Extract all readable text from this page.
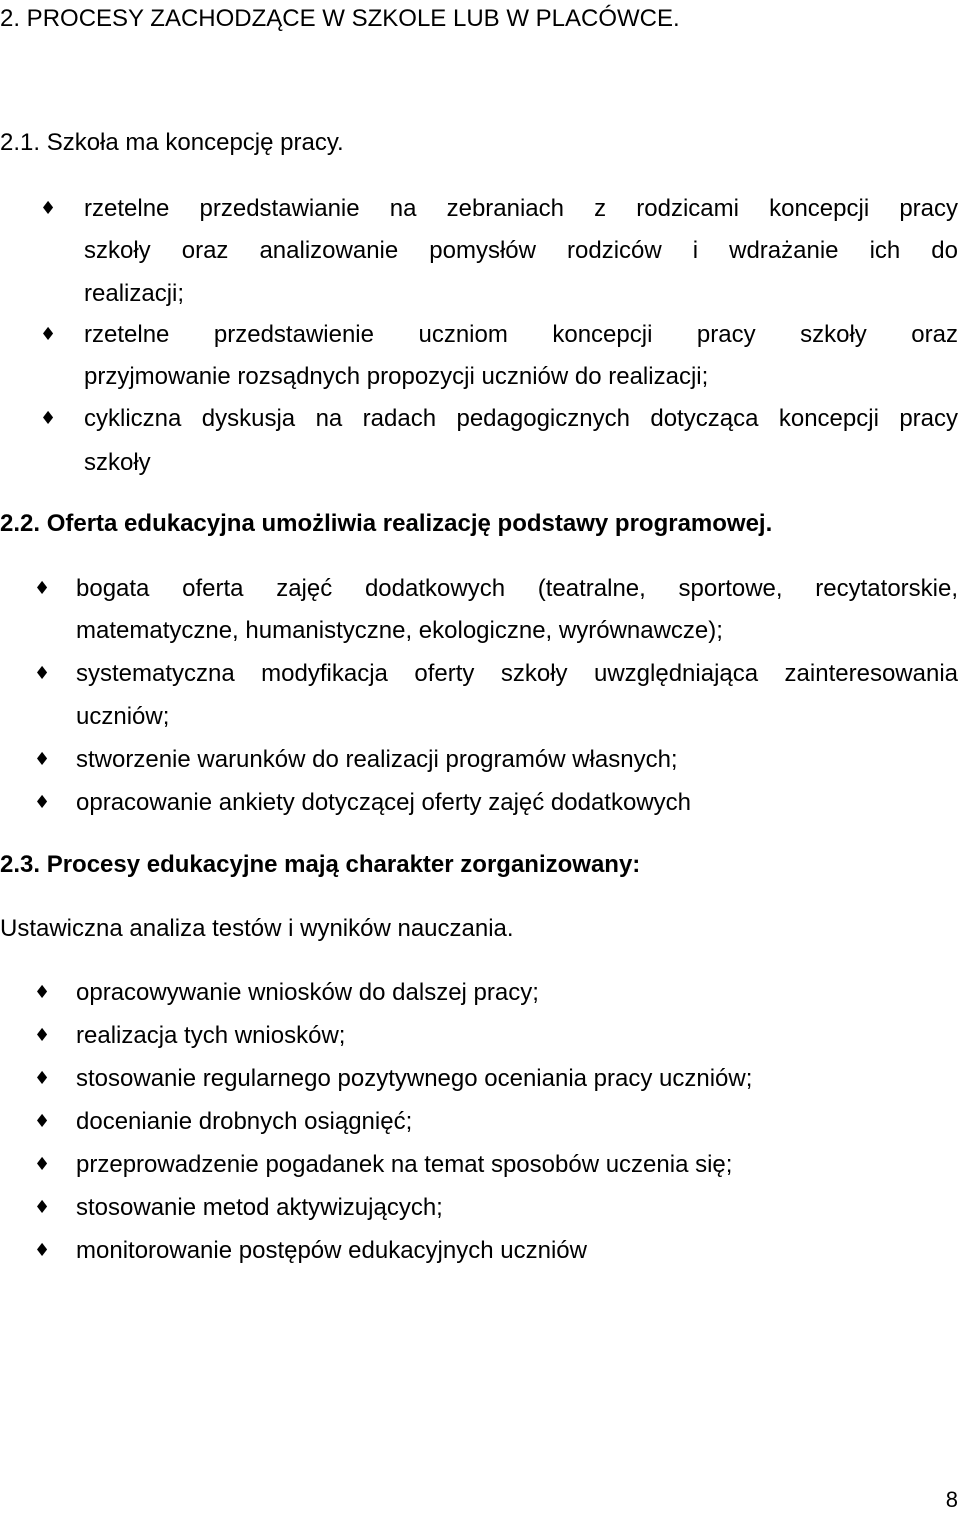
2. PROCESY ZACHODZĄCE W SZKOLE LUB W PLACÓWCE.
2.1. Szkoła ma koncepcję pracy.
♦ rzetelne przedstawianie na zebraniach z rodzicami koncepcji pracy
szkoły oraz analizowanie pomysłów rodziców i wdrażanie ich do
realizacji;
♦ rzetelne przedstawienie uczniom koncepcji pracy szkoły oraz
przyjmowanie rozsądnych propozycji uczniów do realizacji;
♦ cykliczna dyskusja na radach pedagogicznych dotycząca koncepcji pracy
szkoły
2.2. Oferta edukacyjna umożliwia realizację podstawy programowej.
♦ bogata oferta zajęć dodatkowych (teatralne, sportowe, recytatorskie,
matematyczne, humanistyczne, ekologiczne, wyrównawcze);
♦ systematyczna modyfikacja oferty szkoły uwzględniająca zainteresowania
uczniów;
♦ stworzenie warunków do realizacji programów własnych;
♦ opracowanie ankiety dotyczącej oferty zajęć dodatkowych
2.3. Procesy edukacyjne mają charakter zorganizowany:
Ustawiczna analiza testów i wyników nauczania.
♦ opracowywanie wniosków do dalszej pracy;
♦ realizacja tych wniosków;
♦ stosowanie regularnego pozytywnego oceniania pracy uczniów;
♦ docenianie drobnych osiągnięć;
♦ przeprowadzenie pogadanek na temat sposobów uczenia się;
♦ stosowanie metod aktywizujących;
♦ monitorowanie postępów edukacyjnych uczniów
8
